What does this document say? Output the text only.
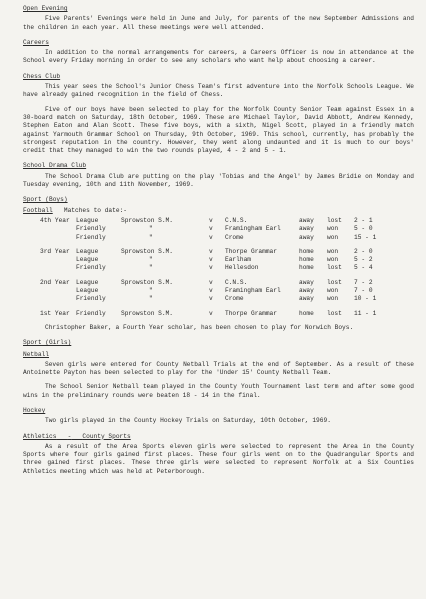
Open Evening

Five Parents' Evenings were held in June and July, for parents of the new September Admissions and the children in each year. All these meetings were well attended.

Careers

In addition to the normal arrangements for careers, a Careers Officer is now in attendance at the School every Friday morning in order to see any scholars who want help about choosing a career.

Chess Club

This year sees the School's Junior Chess Team's first adventure into the Norfolk Schools League. We have already gained recognition in the field of Chess.

Five of our boys have been selected to play for the Norfolk County Senior Team against Essex in a 30-board match on Saturday, 18th October, 1969. These are Michael Taylor, David Abbott, Andrew Kennedy, Stephen Eaton and Alan Scott. These five boys, with a sixth, Nigel Scott, played in a friendly match against Yarmouth Grammar School on Thursday, 9th October, 1969. This school, currently, has probably the strongest reputation in the country. However, they went along undaunted and it is much to our boys' credit that they managed to win the two rounds played, 4 - 2 and 5 - 1.

School Drama Club

The School Drama Club are putting on the play 'Tobias and the Angel' by James Bridie on Monday and Tuesday evening, 10th and 11th November, 1969.

Sport (Boys)
Football Matches to date:-
4th Year	League	Sprowston S.M.	v	C.N.S.	away	lost	2 - 1
	Friendly	"	v	Framingham Earl	away	won	5 - 0
	Friendly	"	v	Crome	away	won	15 - 1
3rd Year	League	Sprowston S.M.	v	Thorpe Grammar	home	won	2 - 0
	League	"	v	Earlham	home	won	5 - 2
	Friendly	"	v	Hellesdon	home	lost	5 - 4
2nd Year	League	Sprowston S.M.	v	C.N.S.	away	lost	7 - 2
	League	"	v	Framingham Earl	away	won	7 - 0
	Friendly	"	v	Crome	away	won	10 - 1
1st Year	Friendly	Sprowston S.M.	v	Thorpe Grammar	home	lost	11 - 1

Christopher Baker, a Fourth Year scholar, has been chosen to play for Norwich Boys.

Sport (Girls)
Netball

Seven girls were entered for County Netball Trials at the end of September. As a result of these Antoinette Payton has been selected to play for the 'Under 15' County Netball Team.

The School Senior Netball team played in the County Youth Tournament last term and after some good wins in the preliminary rounds were beaten 18 - 14 in the final.

Hockey

Two girls played in the County Hockey Trials on Saturday, 10th October, 1969.

Athletics - County Sports

As a result of the Area Sports eleven girls were selected to represent the Area in the County Sports where four girls gained first places. These four girls went on to the Quadrangular Sports and three gained first places. These three girls were selected to represent Norfolk at a Six Counties Athletics meeting which was held at Peterborough.
